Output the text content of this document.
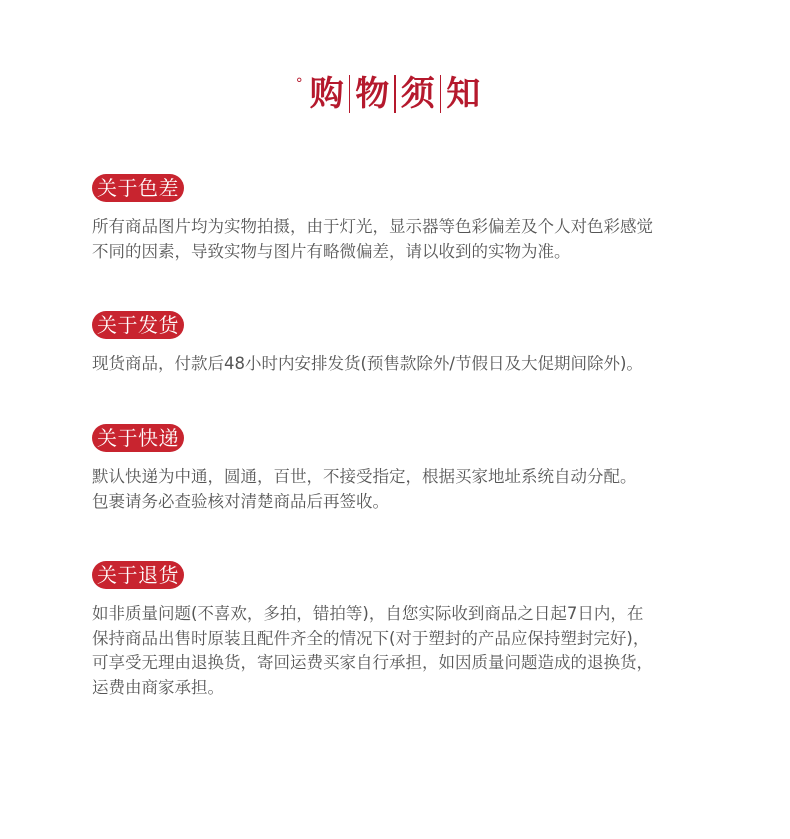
° 购 物 须 知
关于色差

所有商品图片均为实物拍摄，由于灯光，显示器等色彩偏差及个人对色彩感觉

不同的因素，导致实物与图片有略微偏差，请以收到的实物为准。

关于发货

现货商品，付款后48小时内安排发货(预售款除外/节假日及大促期间除外)。

关于快递

默认快递为中通，圆通，百世，不接受指定，根据买家地址系统自动分配。

包裹请务必查验核对清楚商品后再签收。

关于退货

如非质量问题(不喜欢，多拍，错拍等)，自您实际收到商品之日起7日内，在

保持商品出售时原装且配件齐全的情况下(对于塑封的产品应保持塑封完好)，

可享受无理由退换货，寄回运费买家自行承担，如因质量问题造成的退换货，

运费由商家承担。
